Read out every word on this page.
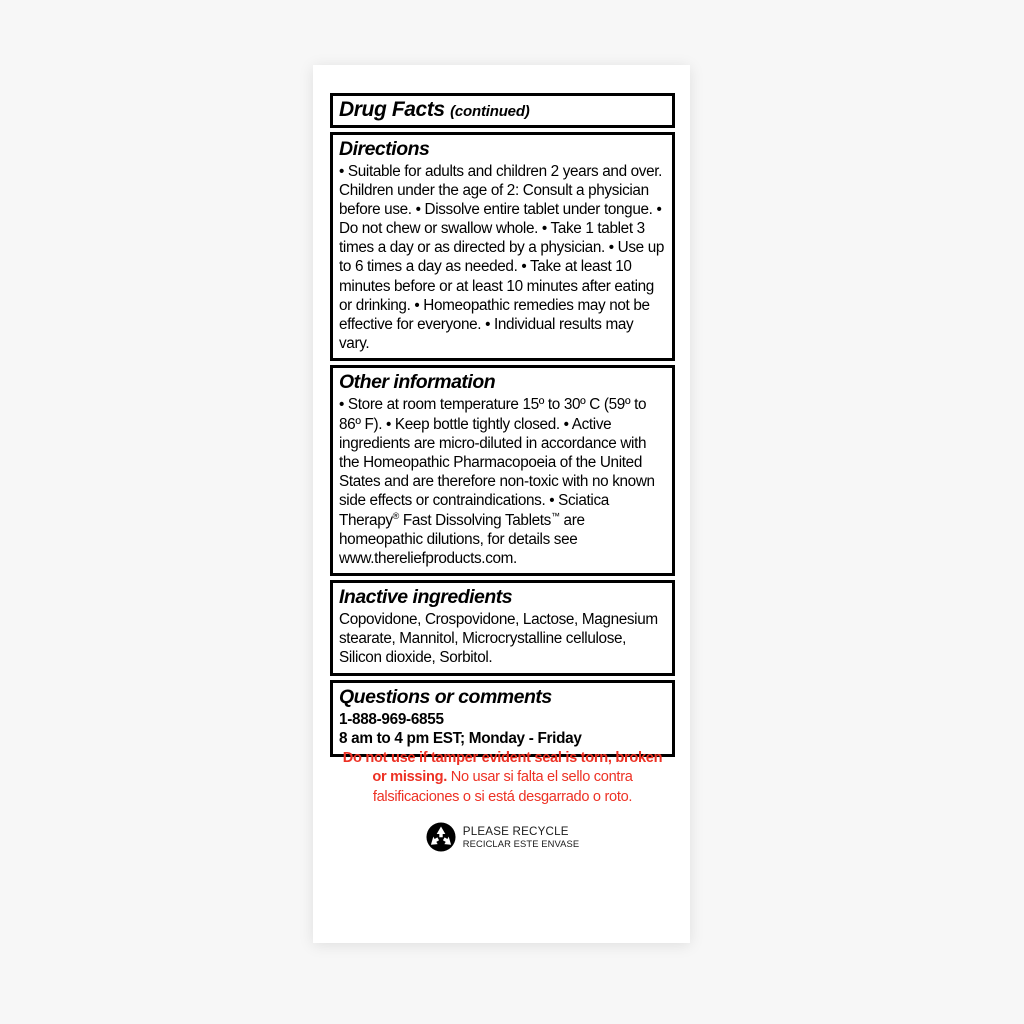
Drug Facts (continued)
Directions
• Suitable for adults and children 2 years and over. Children under the age of 2: Consult a physician before use. • Dissolve entire tablet under tongue. • Do not chew or swallow whole. • Take 1 tablet 3 times a day or as directed by a physician. • Use up to 6 times a day as needed. • Take at least 10 minutes before or at least 10 minutes after eating or drinking. • Homeopathic remedies may not be effective for everyone. • Individual results may vary.
Other information
• Store at room temperature 15º to 30º C (59º to 86º F). • Keep bottle tightly closed. • Active ingredients are micro-diluted in accordance with the Homeopathic Pharmacopoeia of the United States and are therefore non-toxic with no known side effects or contraindications. • Sciatica Therapy® Fast Dissolving Tablets™ are homeopathic dilutions, for details see www.thereliefproducts.com.
Inactive ingredients
Copovidone, Crospovidone, Lactose, Magnesium stearate, Mannitol, Microcrystalline cellulose, Silicon dioxide, Sorbitol.
Questions or comments
1-888-969-6855
8 am to 4 pm EST; Monday - Friday
Do not use if tamper evident seal is torn, broken or missing. No usar si falta el sello contra falsificaciones o si está desgarrado o roto.
PLEASE RECYCLE
RECICLAR ESTE ENVASE
